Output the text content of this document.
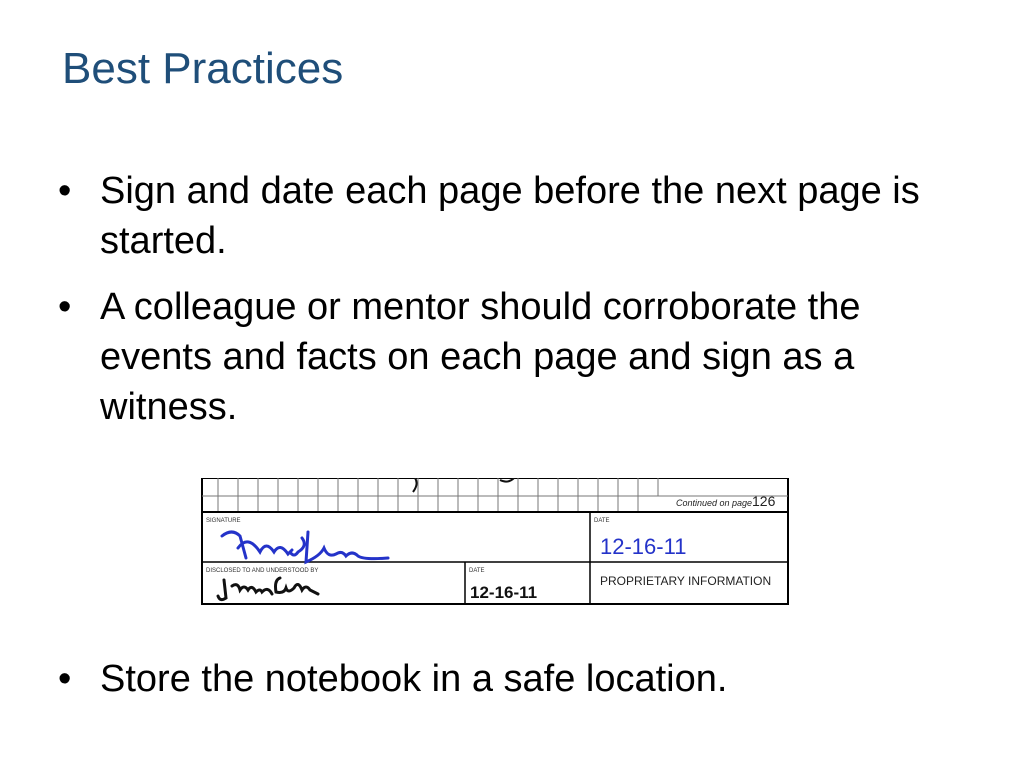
Best Practices
• Sign and date each page before the next page is started.
• A colleague or mentor should corroborate the events and facts on each page and sign as a witness.
Continued on page 126
SIGNATURE	DATE
12-16-11
DISCLOSED TO AND UNDERSTOOD BY	DATE
12-16-11
PROPRIETARY INFORMATION
• Store the notebook in a safe location.
